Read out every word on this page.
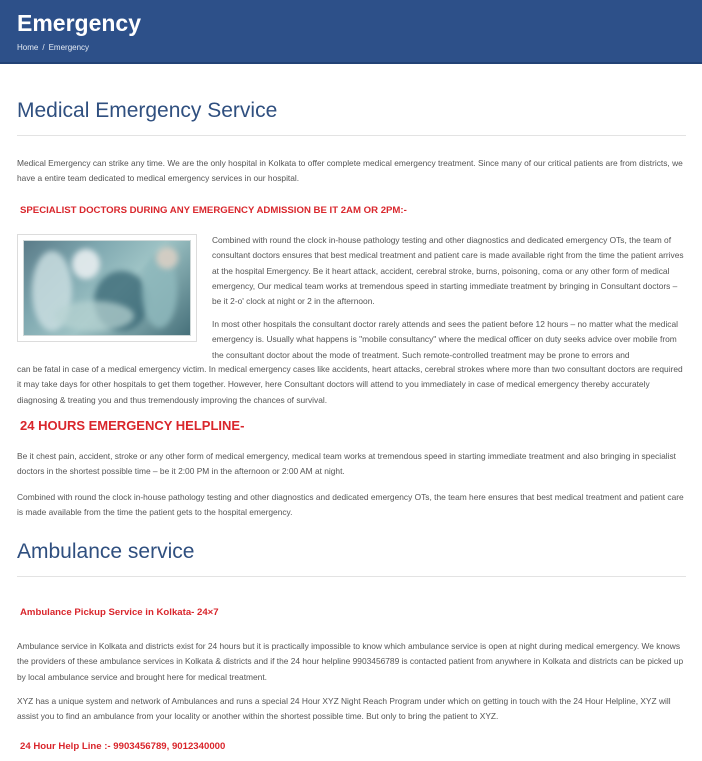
Emergency
Home / Emergency
Medical Emergency Service

Medical Emergency can strike any time. We are the only hospital in Kolkata to offer complete medical emergency treatment. Since many of our critical patients are from districts, we have a entire team dedicated to medical emergency services in our hospital.

SPECIALIST DOCTORS DURING ANY EMERGENCY ADMISSION BE IT 2AM OR 2PM:-

Combined with round the clock in-house pathology testing and other diagnostics and dedicated emergency OTs, the team of consultant doctors ensures that best medical treatment and patient care is made available right from the time the patient arrives at the hospital Emergency. Be it heart attack, accident, cerebral stroke, burns, poisoning, coma or any other form of medical emergency, Our medical team works at tremendous speed in starting immediate treatment by bringing in Consultant doctors – be it 2-o' clock at night or 2 in the afternoon.

In most other hospitals the consultant doctor rarely attends and sees the patient before 12 hours – no matter what the medical emergency is. Usually what happens is "mobile consultancy" where the medical officer on duty seeks advice over mobile from the consultant doctor about the mode of treatment. Such remote-controlled treatment may be prone to errors and

can be fatal in case of a medical emergency victim. In medical emergency cases like accidents, heart attacks, cerebral strokes where more than two consultant doctors are required it may take days for other hospitals to get them together. However, here Consultant doctors will attend to you immediately in case of medical emergency thereby accurately diagnosing & treating you and thus tremendously improving the chances of survival.

24 HOURS EMERGENCY HELPLINE-

Be it chest pain, accident, stroke or any other form of medical emergency, medical team works at tremendous speed in starting immediate treatment and also bringing in specialist doctors in the shortest possible time – be it 2:00 PM in the afternoon or 2:00 AM at night.

Combined with round the clock in-house pathology testing and other diagnostics and dedicated emergency OTs, the team here ensures that best medical treatment and patient care is made available from the time the patient gets to the hospital emergency.

Ambulance service
Ambulance Pickup Service in Kolkata- 24×7

Ambulance service in Kolkata and districts exist for 24 hours but it is practically impossible to know which ambulance service is open at night during medical emergency. We knows the providers of these ambulance services in Kolkata & districts and if the 24 hour helpline 9903456789 is contacted patient from anywhere in Kolkata and districts can be picked up by local ambulance service and brought here for medical treatment.

XYZ has a unique system and network of Ambulances and runs a special 24 Hour XYZ Night Reach Program under which on getting in touch with the 24 Hour Helpline, XYZ will assist you to find an ambulance from your locality or another within the shortest possible time. But only to bring the patient to XYZ.

24 Hour Help Line :- 9903456789, 9012340000
